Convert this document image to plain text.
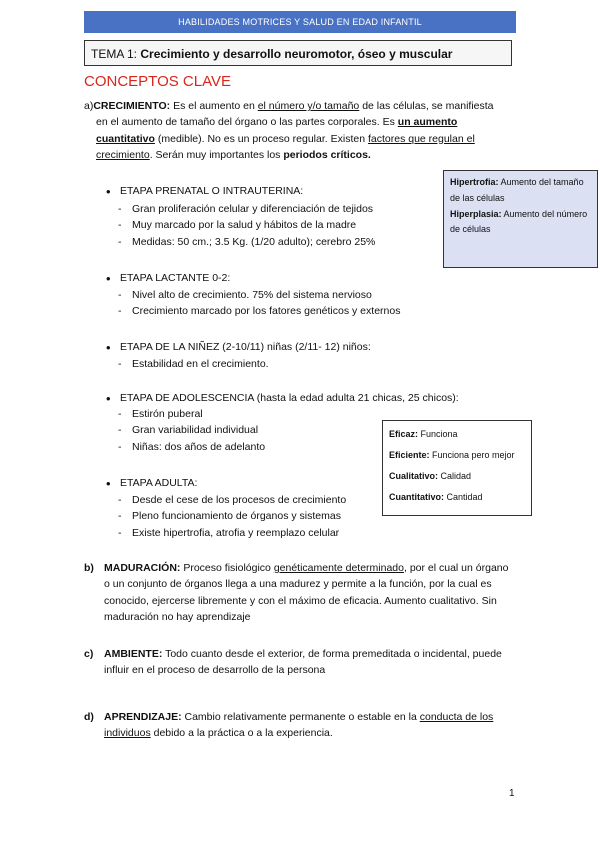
HABILIDADES MOTRICES Y SALUD EN EDAD INFANTIL
TEMA 1: Crecimiento y desarrollo neuromotor, óseo y muscular
CONCEPTOS CLAVE
a)CRECIMIENTO: Es el aumento en el número y/o tamaño de las células, se manifiesta en el aumento de tamaño del órgano o las partes corporales. Es un aumento cuantitativo (medible). No es un proceso regular. Existen factores que regulan el crecimiento. Serán muy importantes los periodos críticos.
• ETAPA PRENATAL O INTRAUTERINA:
- Gran proliferación celular y diferenciación de tejidos
- Muy marcado por la salud y hábitos de la madre
- Medidas: 50 cm.; 3.5 Kg. (1/20 adulto); cerebro 25%
• ETAPA LACTANTE 0-2:
- Nivel alto de crecimiento. 75% del sistema nervioso
- Crecimiento marcado por los fatores genéticos y externos
• ETAPA DE LA NIÑEZ (2-10/11) niñas (2/11- 12) niños:
- Estabilidad en el crecimiento.
• ETAPA DE ADOLESCENCIA (hasta la edad adulta 21 chicas, 25 chicos):
- Estirón puberal
- Gran variabilidad individual
- Niñas: dos años de adelanto
• ETAPA ADULTA:
- Desde el cese de los procesos de crecimiento
- Pleno funcionamiento de órganos y sistemas
- Existe hipertrofia, atrofia y reemplazo celular
Hipertrofia: Aumento del tamaño de las células
Hiperplasia: Aumento del número de células
Eficaz: Funciona
Eficiente: Funciona pero mejor
Cualitativo: Calidad
Cuantitativo: Cantidad
b) MADURACIÓN: Proceso fisiológico genéticamente determinado, por el cual un órgano o un conjunto de órganos llega a una madurez y permite a la función, por la cual es conocido, ejercerse libremente y con el máximo de eficacia. Aumento cualitativo. Sin maduración no hay aprendizaje
c)	AMBIENTE: Todo cuanto desde el exterior, de forma premeditada o incidental, puede influir en el proceso de desarrollo de la persona
d) APRENDIZAJE: Cambio relativamente permanente o estable en la conducta de los individuos debido a la práctica o a la experiencia.
1
